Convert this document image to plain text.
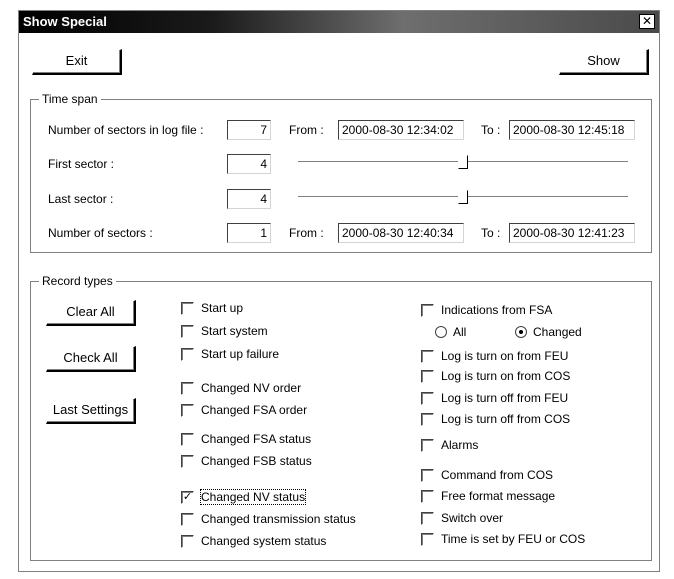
Show Special	✕
Exit	Show
Time span
Number of sectors in log file :	7	From :	2000-08-30 12:34:02	To :	2000-08-30 12:45:18
First sector :	4
Last sector :	4
Number of sectors :	1	From :	2000-08-30 12:40:34	To :	2000-08-30 12:41:23
Record types
Clear All
Check All
Last Settings
Indications from FSA
Start up
Start system
Start up failure
Changed NV order
Changed FSA order
Changed FSA status
Changed FSB status
✓ Changed NV status
Changed transmission status
Changed system status
Log is turn on from FEU
Log is turn on from COS
Log is turn off from FEU
Log is turn off from COS
Alarms
Command from COS
Free format message
Switch over
Time is set by FEU or COS
All	Changed
